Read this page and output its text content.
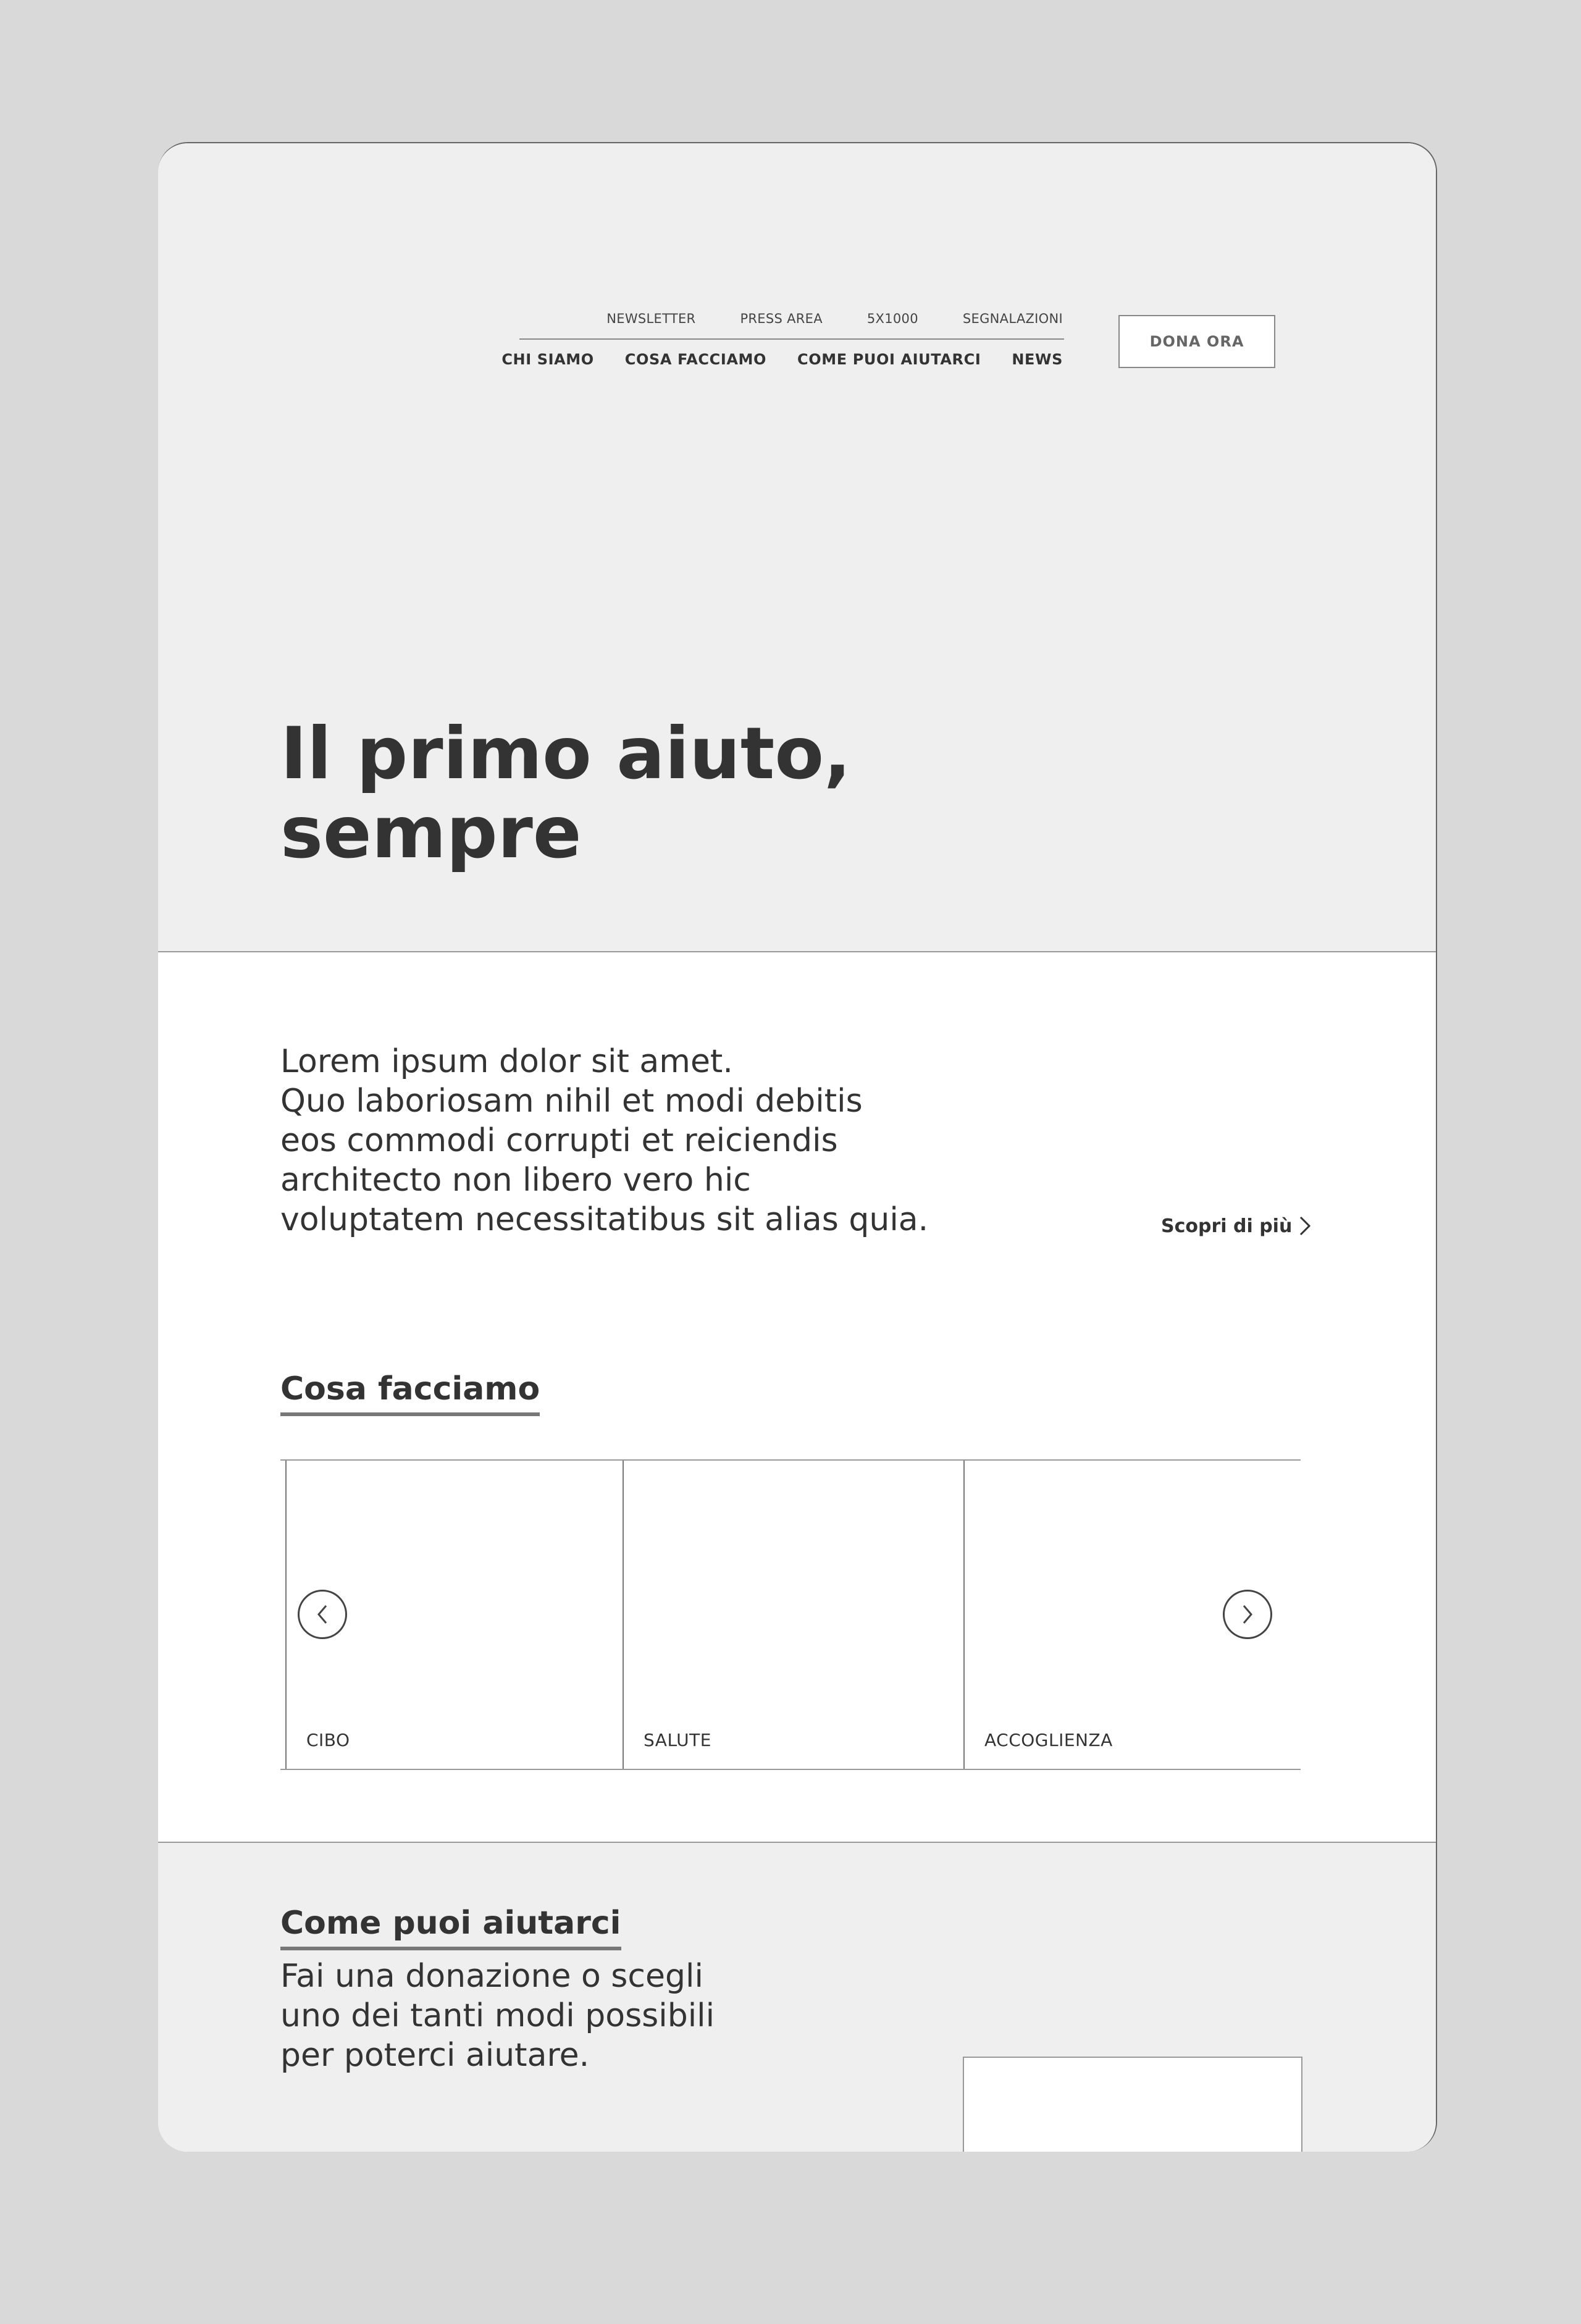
NEWSLETTER	PRESS AREA	5X1000	SEGNALAZIONI
CHI SIAMO COSA FACCIAMO COME PUOI AIUTARCI NEWS
DONA ORA
Il primo aiuto,
sempre

Lorem ipsum dolor sit amet.
Quo laboriosam nihil et modi debitis
eos commodi corrupti et reiciendis
architecto non libero vero hic
voluptatem necessitatibus sit alias quia.	Scopri di più
Cosa facciamo
CIBO	SALUTE	ACCOGLIENZA
Come puoi aiutarci

Fai una donazione o scegli
uno dei tanti modi possibili
per poterci aiutare.
